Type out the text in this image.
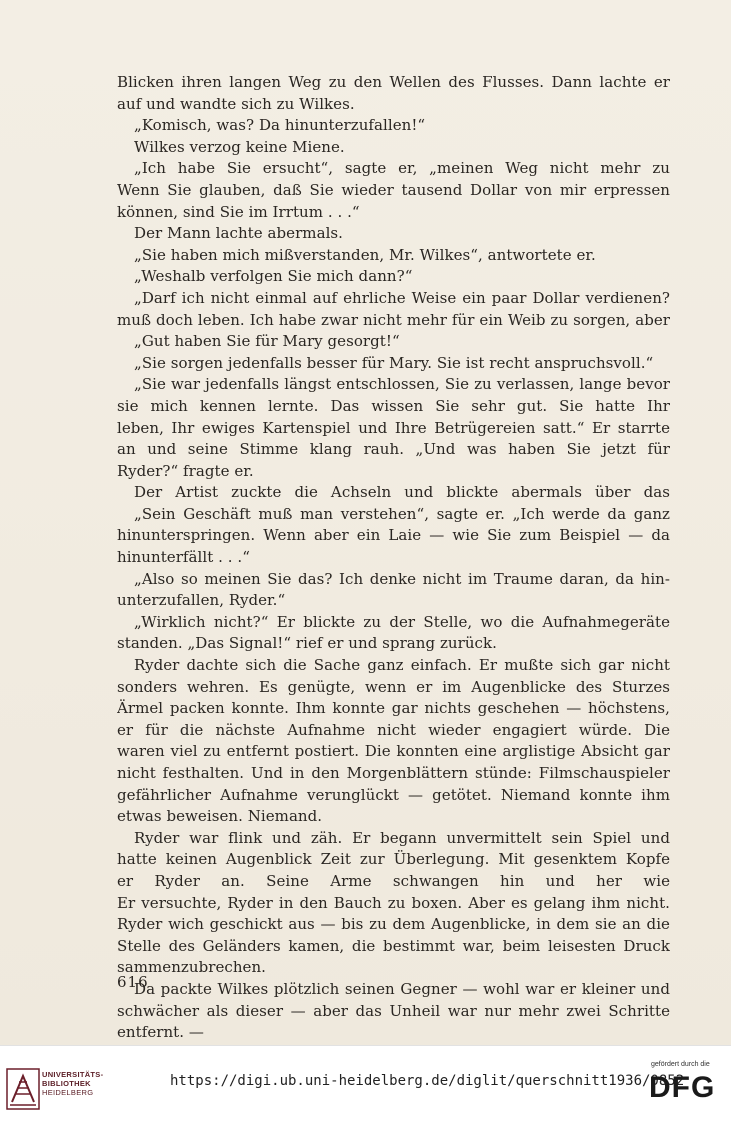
Blicken ihren langen Weg zu den Wellen des Flusses. Dann lachte er
auf und wandte sich zu Wilkes.
„Komisch, was? Da hinunterzufallen!“
Wilkes verzog keine Miene.
„Ich habe Sie ersucht“, sagte er, „meinen Weg nicht mehr zu
Wenn Sie glauben, daß Sie wieder tausend Dollar von mir erpressen
können, sind Sie im Irrtum . . .“
Der Mann lachte abermals.
„Sie haben mich mißverstanden, Mr. Wilkes“, antwortete er.
„Weshalb verfolgen Sie mich dann?“
„Darf ich nicht einmal auf ehrliche Weise ein paar Dollar verdienen?
muß doch leben. Ich habe zwar nicht mehr für ein Weib zu sorgen, aber
„Gut haben Sie für Mary gesorgt!“
„Sie sorgen jedenfalls besser für Mary. Sie ist recht anspruchsvoll.“
„Sie war jedenfalls längst entschlossen, Sie zu verlassen, lange bevor
sie mich kennen lernte. Das wissen Sie sehr gut. Sie hatte Ihr
leben, Ihr ewiges Kartenspiel und Ihre Betrügereien satt.“ Er starrte
an und seine Stimme klang rauh. „Und was haben Sie jetzt für
Ryder?“ fragte er.
Der Artist zuckte die Achseln und blickte abermals über das
„Sein Geschäft muß man verstehen“, sagte er. „Ich werde da ganz
hinunterspringen. Wenn aber ein Laie — wie Sie zum Beispiel — da
hinunterfällt . . .“
„Also so meinen Sie das? Ich denke nicht im Traume daran, da hin-
unterzufallen, Ryder.“
„Wirklich nicht?“ Er blickte zu der Stelle, wo die Aufnahmegeräte
standen. „Das Signal!“ rief er und sprang zurück.
Ryder dachte sich die Sache ganz einfach. Er mußte sich gar nicht
sonders wehren. Es genügte, wenn er im Augenblicke des Sturzes
Ärmel packen konnte. Ihm konnte gar nichts geschehen — höchstens,
er für die nächste Aufnahme nicht wieder engagiert würde. Die
waren viel zu entfernt postiert. Die konnten eine arglistige Absicht gar
nicht festhalten. Und in den Morgenblättern stünde: Filmschauspieler
gefährlicher Aufnahme verunglückt — getötet. Niemand konnte ihm
etwas beweisen. Niemand.
Ryder war flink und zäh. Er begann unvermittelt sein Spiel und
hatte keinen Augenblick Zeit zur Überlegung. Mit gesenktem Kopfe
er Ryder an. Seine Arme schwangen hin und her wie
Er versuchte, Ryder in den Bauch zu boxen. Aber es gelang ihm nicht.
Ryder wich geschickt aus — bis zu dem Augenblicke, in dem sie an die
Stelle des Geländers kamen, die bestimmt war, beim leisesten Druck
sammenzubrechen.
Da packte Wilkes plötzlich seinen Gegner — wohl war er kleiner und
schwächer als dieser — aber das Unheil war nur mehr zwei Schritte
entfernt. —
616
UNIVERSITÄTS-
BIBLIOTHEK
HEIDELBERG
https://digi.ub.uni-heidelberg.de/diglit/querschnitt1936/0852
gefördert durch die
DFG
